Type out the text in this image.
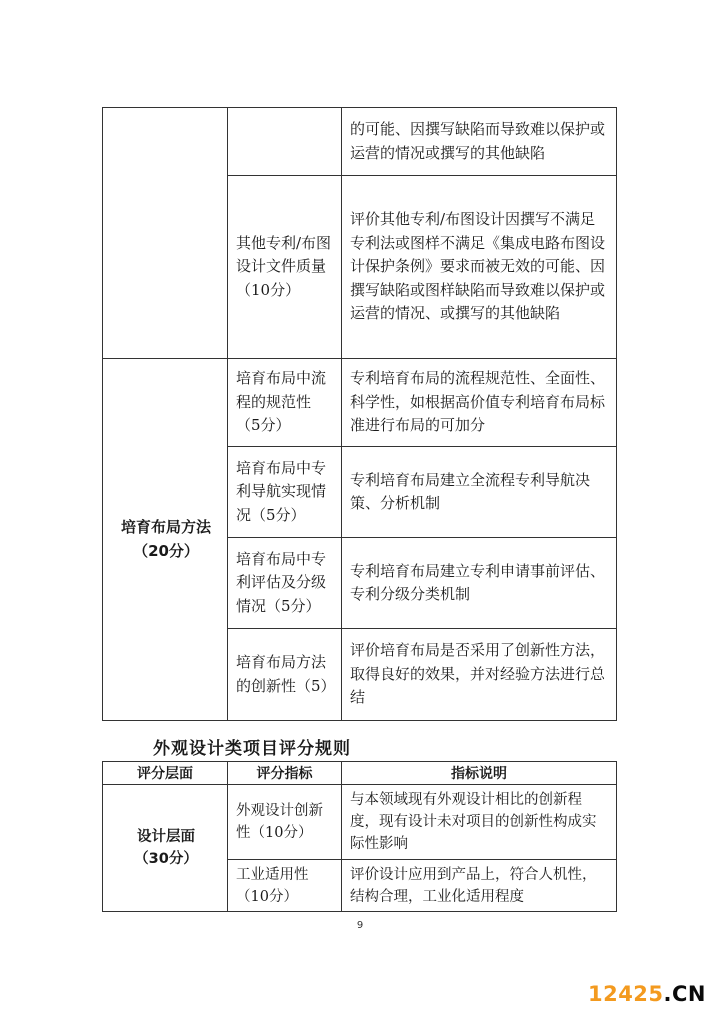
		的可能、因撰写缺陷而导致难以保护或运营的情况或撰写的其他缺陷
	其他专利/布图设计文件质量（10分）	评价其他专利/布图设计因撰写不满足专利法或图样不满足《集成电路布图设计保护条例》要求而被无效的可能、因撰写缺陷或图样缺陷而导致难以保护或运营的情况、或撰写的其他缺陷

培育布局方法
（20分）	培育布局中流程的规范性（5分）	专利培育布局的流程规范性、全面性、科学性，如根据高价值专利培育布局标准进行布局的可加分
	培育布局中专利导航实现情况（5分）	专利培育布局建立全流程专利导航决策、分析机制
	培育布局中专利评估及分级情况（5分）	专利培育布局建立专利申请事前评估、专利分级分类机制
	培育布局方法的创新性（5）	评价培育布局是否采用了创新性方法，取得良好的效果，并对经验方法进行总结
外观设计类项目评分规则
评分层面	评分指标	指标说明

设计层面
（30分）	外观设计创新性（10分）	与本领域现有外观设计相比的创新程度，现有设计未对项目的创新性构成实际性影响
	工业适用性（10分）	评价设计应用到产品上，符合人机性，结构合理，工业化适用程度
9
12425.CN
